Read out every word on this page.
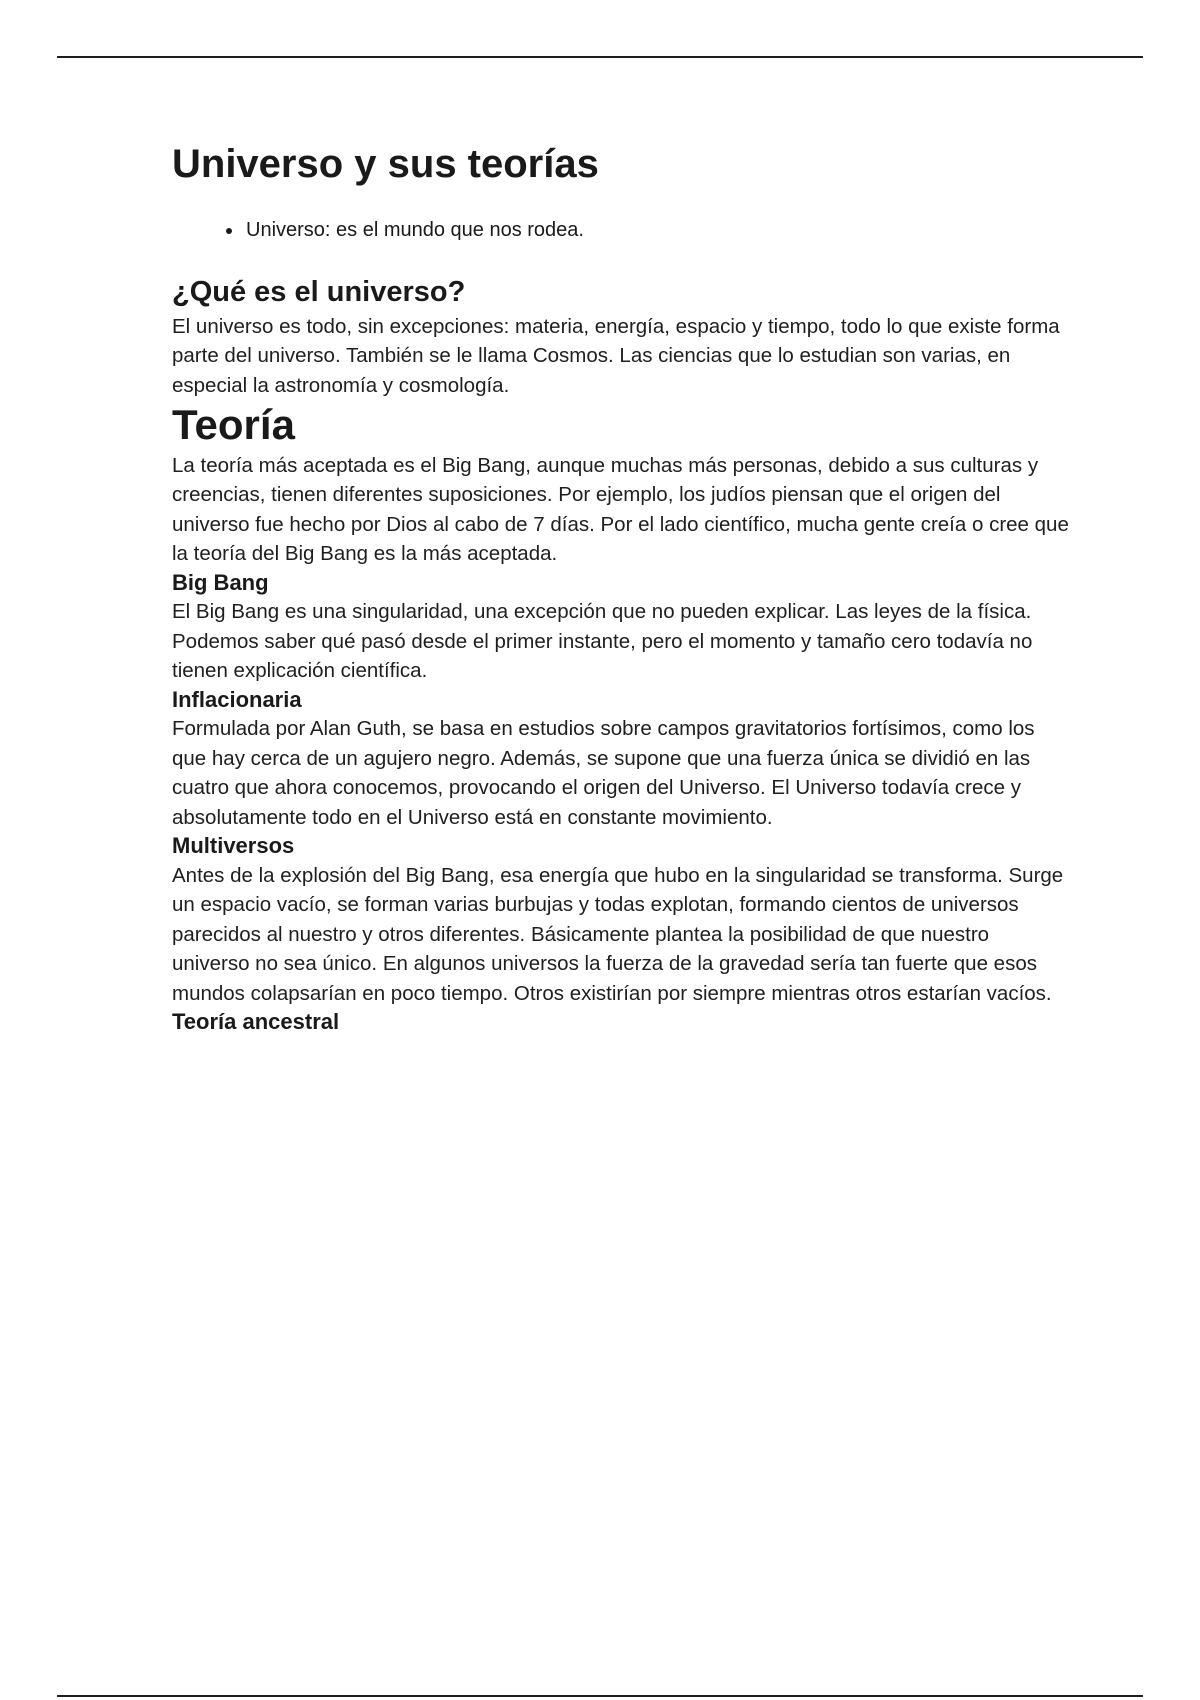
Universo y sus teorías
• Universo: es el mundo que nos rodea.
¿Qué es el universo?

El universo es todo, sin excepciones: materia, energía, espacio y tiempo, todo lo que existe forma parte del universo. También se le llama Cosmos. Las ciencias que lo estudian son varias, en especial la astronomía y cosmología.

Teoría

La teoría más aceptada es el Big Bang, aunque muchas más personas, debido a sus culturas y creencias, tienen diferentes suposiciones. Por ejemplo, los judíos piensan que el origen del universo fue hecho por Dios al cabo de 7 días. Por el lado científico, mucha gente creía o cree que la teoría del Big Bang es la más aceptada.

Big Bang

El Big Bang es una singularidad, una excepción que no pueden explicar. Las leyes de la física. Podemos saber qué pasó desde el primer instante, pero el momento y tamaño cero todavía no tienen explicación científica.

Inflacionaria

Formulada por Alan Guth, se basa en estudios sobre campos gravitatorios fortísimos, como los que hay cerca de un agujero negro. Además, se supone que una fuerza única se dividió en las cuatro que ahora conocemos, provocando el origen del Universo. El Universo todavía crece y absolutamente todo en el Universo está en constante movimiento.

Multiversos

Antes de la explosión del Big Bang, esa energía que hubo en la singularidad se transforma. Surge un espacio vacío, se forman varias burbujas y todas explotan, formando cientos de universos parecidos al nuestro y otros diferentes. Básicamente plantea la posibilidad de que nuestro universo no sea único. En algunos universos la fuerza de la gravedad sería tan fuerte que esos mundos colapsarían en poco tiempo. Otros existirían por siempre mientras otros estarían vacíos.

Teoría ancestral
